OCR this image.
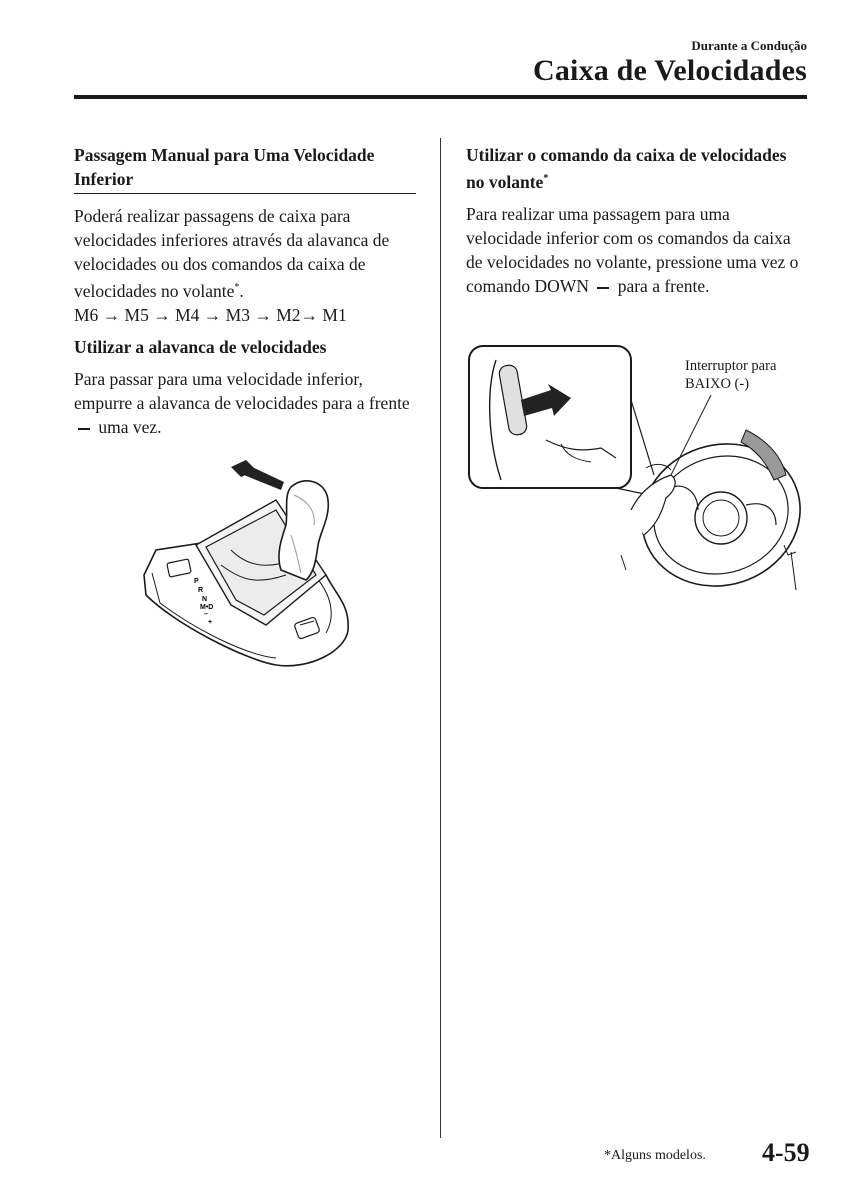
Durante a Condução
Caixa de Velocidades
Passagem Manual para Uma Velocidade Inferior
Poderá realizar passagens de caixa para velocidades inferiores através da alavanca de velocidades ou dos comandos da caixa de velocidades no volante*.
M6 → M5 → M4 → M3 → M2→ M1
Utilizar a alavanca de velocidades
Para passar para uma velocidade inferior, empurre a alavanca de velocidades para a frente  uma vez.
P
R
N
M•D
–
+
Utilizar o comando da caixa de velocidades no volante*
Para realizar uma passagem para uma velocidade inferior com os comandos da caixa de velocidades no volante, pressione uma vez o comando DOWN para a frente.
Interruptor para
BAIXO (-)
*Alguns modelos. 4-59
